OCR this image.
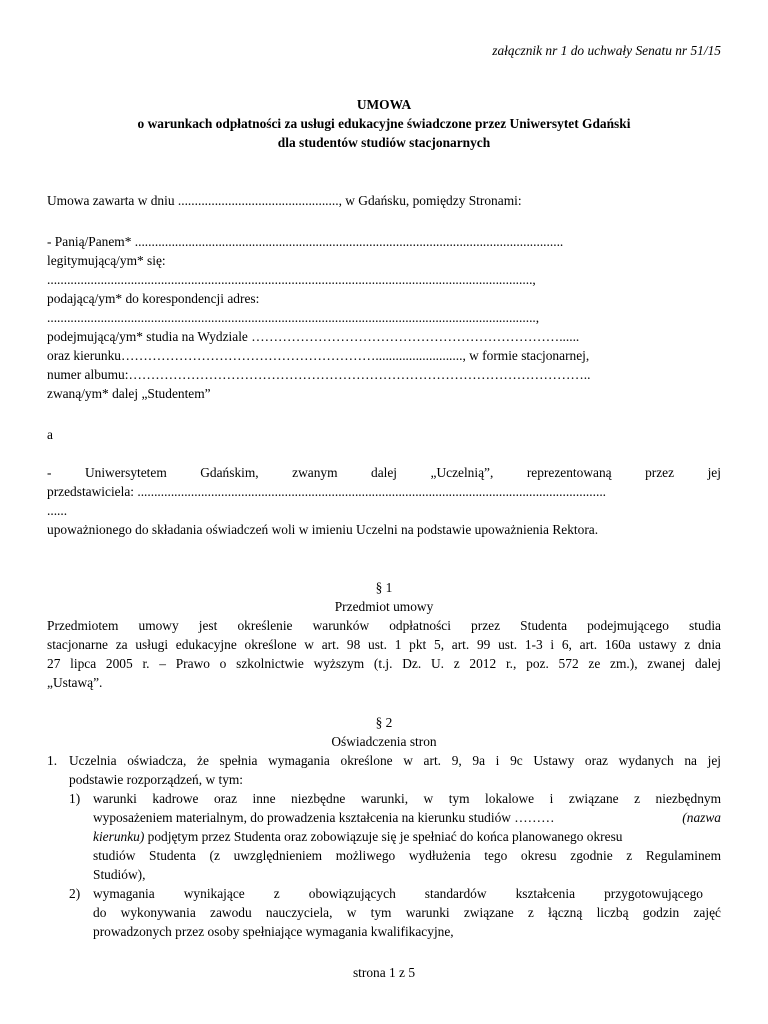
załącznik nr 1 do uchwały Senatu nr 51/15
UMOWA
o warunkach odpłatności za usługi edukacyjne świadczone przez Uniwersytet Gdański
dla studentów studiów stacjonarnych
Umowa zawarta w dniu ................................................, w Gdańsku, pomiędzy Stronami:
- Panią/Panem* ................................................................................................................................
legitymującą/ym* się:
.................................................................................................................................................,
podającą/ym* do korespondencji adres:
..................................................................................................................................................,
podejmującą/ym* studia na Wydziale ……………………………………………………………......
oraz kierunku………………………………………………….........................., w formie stacjonarnej,
numer albumu:…………………………………………………………………………………………..
zwaną/ym* dalej „Studentem”
a
- Uniwersytetem Gdańskim, zwanym dalej „Uczelnią”, reprezentowaną przez jej
przedstawiciela: ............................................................................................................................................
......
upoważnionego do składania oświadczeń woli w imieniu Uczelni na podstawie upoważnienia Rektora.
§ 1
Przedmiot umowy
Przedmiotem umowy jest określenie warunków odpłatności przez Studenta podejmującego studia
stacjonarne za usługi edukacyjne określone w art. 98 ust. 1 pkt 5, art. 99 ust. 1-3 i 6, art. 160a ustawy z dnia
27 lipca 2005 r. – Prawo o szkolnictwie wyższym (t.j. Dz. U. z 2012 r., poz. 572 ze zm.), zwanej dalej
„Ustawą”.
§ 2
Oświadczenia stron
1. Uczelnia oświadcza, że spełnia wymagania określone w art. 9, 9a i 9c Ustawy oraz wydanych na jej
podstawie rozporządzeń, w tym:
1) warunki kadrowe oraz inne niezbędne warunki, w tym lokalowe i związane z niezbędnym
wyposażeniem materialnym, do prowadzenia kształcenia na kierunku studiów ………	(nazwa
kierunku) podjętym przez Studenta oraz zobowiązuje się je spełniać do końca planowanego okresu
studiów Studenta (z uwzględnieniem możliwego wydłużenia tego okresu zgodnie z Regulaminem
Studiów),
2) wymagania wynikające z obowiązujących standardów kształcenia przygotowującego
do wykonywania zawodu nauczyciela, w tym warunki związane z łączną liczbą godzin zajęć
prowadzonych przez osoby spełniające wymagania kwalifikacyjne,
strona 1 z 5
